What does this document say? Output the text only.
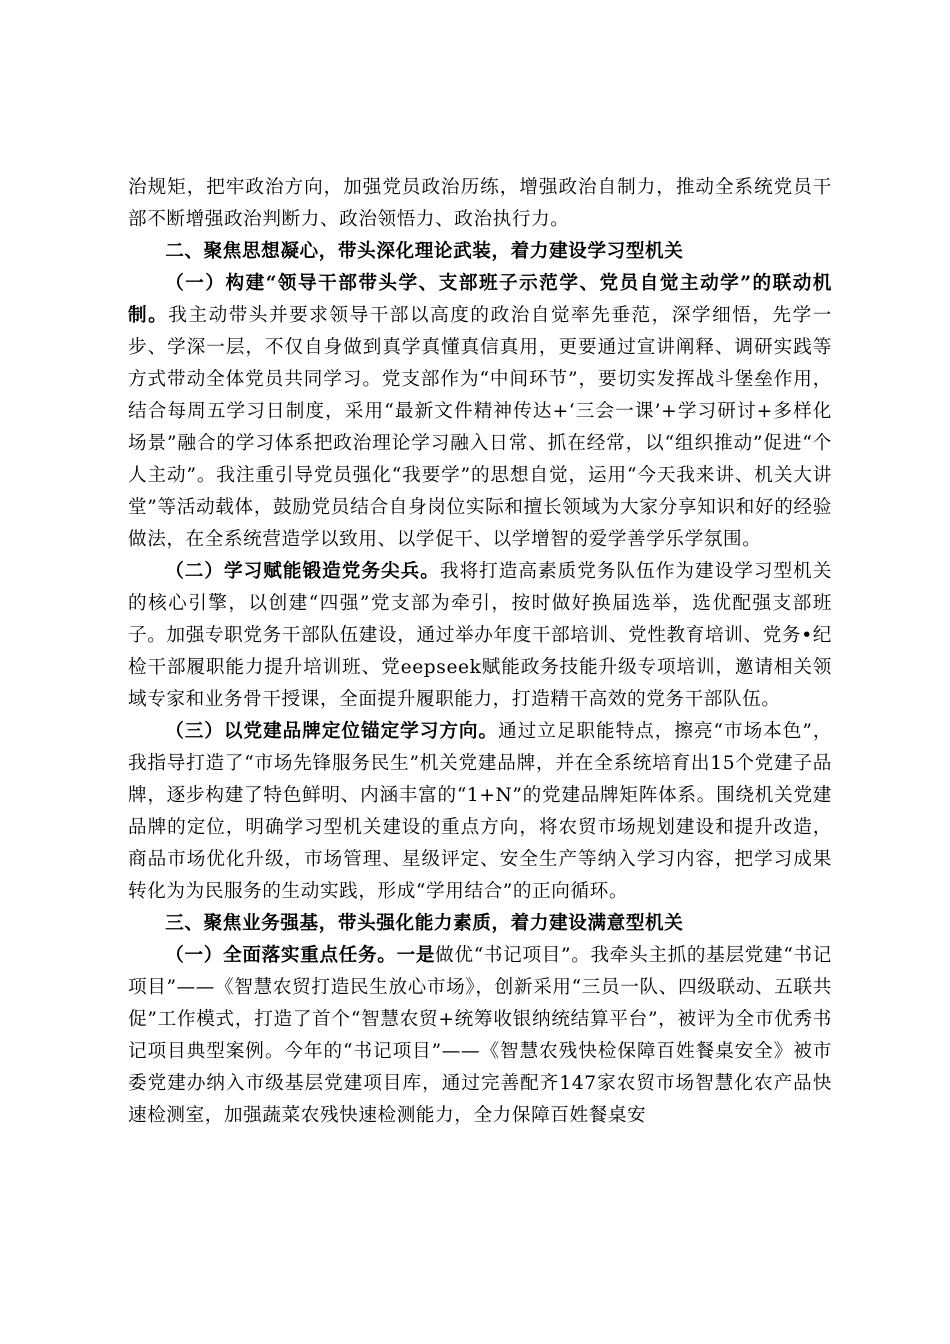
治规矩，把牢政治方向，加强党员政治历练，增强政治自制力，推动全系统党员干部不断增强政治判断力、政治领悟力、政治执行力。

二、聚焦思想凝心，带头深化理论武装，着力建设学习型机关

（一）构建“领导干部带头学、支部班子示范学、党员自觉主动学”的联动机制。我主动带头并要求领导干部以高度的政治自觉率先垂范，深学细悟，先学一步、学深一层，不仅自身做到真学真懂真信真用，更要通过宣讲阐释、调研实践等方式带动全体党员共同学习。党支部作为“中间环节”，要切实发挥战斗堡垒作用，结合每周五学习日制度，采用“最新文件精神传达+‘三会一课’+学习研讨+多样化场景”融合的学习体系把政治理论学习融入日常、抓在经常，以“组织推动”促进“个人主动”。我注重引导党员强化“我要学”的思想自觉，运用“今天我来讲、机关大讲堂”等活动载体，鼓励党员结合自身岗位实际和擅长领域为大家分享知识和好的经验做法，在全系统营造学以致用、以学促干、以学增智的爱学善学乐学氛围。

（二）学习赋能锻造党务尖兵。我将打造高素质党务队伍作为建设学习型机关的核心引擎，以创建“四强”党支部为牵引，按时做好换届选举，选优配强支部班子。加强专职党务干部队伍建设，通过举办年度干部培训、党性教育培训、党务•纪检干部履职能力提升培训班、党eepseek赋能政务技能升级专项培训，邀请相关领域专家和业务骨干授课，全面提升履职能力，打造精干高效的党务干部队伍。

（三）以党建品牌定位锚定学习方向。通过立足职能特点，擦亮“市场本色”，我指导打造了“市场先锋服务民生”机关党建品牌，并在全系统培育出15个党建子品牌，逐步构建了特色鲜明、内涵丰富的“1+N”的党建品牌矩阵体系。围绕机关党建品牌的定位，明确学习型机关建设的重点方向，将农贸市场规划建设和提升改造，商品市场优化升级，市场管理、星级评定、安全生产等纳入学习内容，把学习成果转化为为民服务的生动实践，形成“学用结合”的正向循环。

三、聚焦业务强基，带头强化能力素质，着力建设满意型机关

（一）全面落实重点任务。一是做优“书记项目”。我牵头主抓的基层党建“书记项目”——《智慧农贸打造民生放心市场》，创新采用“三员一队、四级联动、五联共促”工作模式，打造了首个“智慧农贸+统筹收银纳统结算平台”，被评为全市优秀书记项目典型案例。今年的“书记项目”——《智慧农残快检保障百姓餐桌安全》被市委党建办纳入市级基层党建项目库，通过完善配齐147家农贸市场智慧化农产品快速检测室，加强蔬菜农残快速检测能力，全力保障百姓餐桌安
